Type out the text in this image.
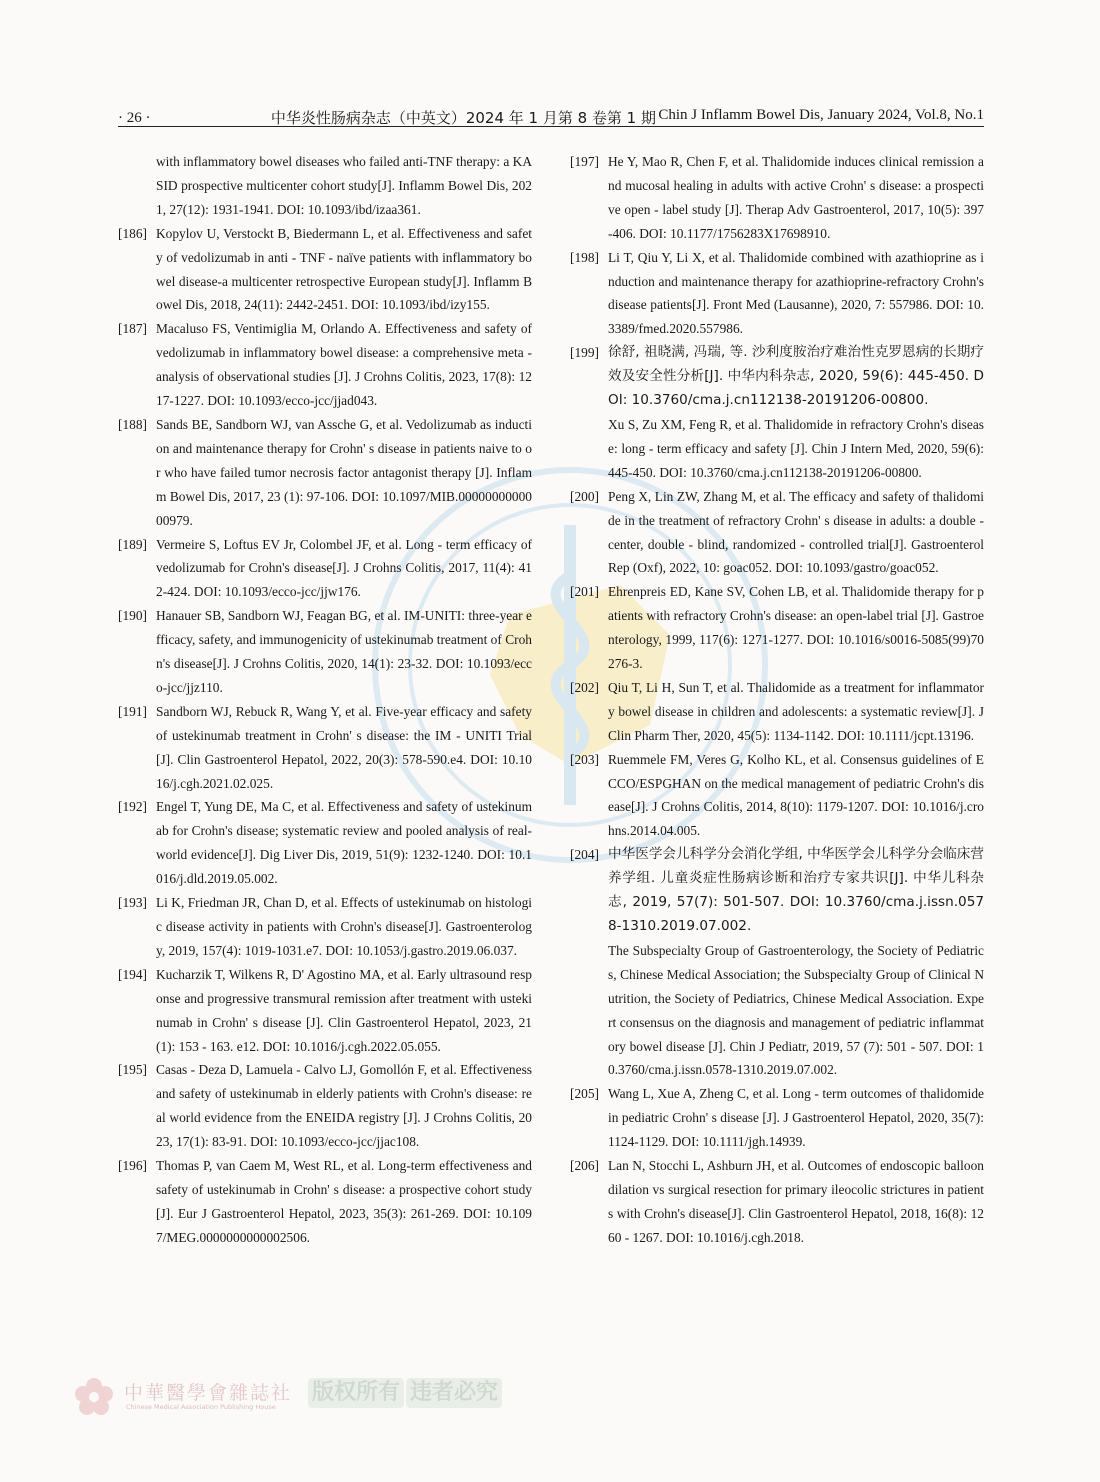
· 26 ·	中华炎性肠病杂志（中英文）2024 年 1 月第 8 卷第 1 期 Chin J Inflamm Bowel Dis, January 2024, Vol.8, No.1
with inflammatory bowel diseases who failed anti-TNF therapy: a KASID prospective multicenter cohort study[J]. Inflamm Bowel Dis, 2021, 27(12): 1931-1941. DOI: 10.1093/ibd/izaa361.
[186] Kopylov U, Verstockt B, Biedermann L, et al. Effectiveness and safety of vedolizumab in anti - TNF - naïve patients with inflammatory bowel disease-a multicenter retrospective European study[J]. Inflamm Bowel Dis, 2018, 24(11): 2442-2451. DOI: 10.1093/ibd/izy155.
[187] Macaluso FS, Ventimiglia M, Orlando A. Effectiveness and safety of vedolizumab in inflammatory bowel disease: a comprehensive meta - analysis of observational studies [J]. J Crohns Colitis, 2023, 17(8): 1217-1227. DOI: 10.1093/ecco-jcc/jjad043.
[188] Sands BE, Sandborn WJ, van Assche G, et al. Vedolizumab as induction and maintenance therapy for Crohn' s disease in patients naive to or who have failed tumor necrosis factor antagonist therapy [J]. Inflamm Bowel Dis, 2017, 23 (1): 97-106. DOI: 10.1097/MIB.0000000000000979.
[189] Vermeire S, Loftus EV Jr, Colombel JF, et al. Long - term efficacy of vedolizumab for Crohn's disease[J]. J Crohns Colitis, 2017, 11(4): 412-424. DOI: 10.1093/ecco-jcc/jjw176.
[190] Hanauer SB, Sandborn WJ, Feagan BG, et al. IM-UNITI: three-year efficacy, safety, and immunogenicity of ustekinumab treatment of Crohn's disease[J]. J Crohns Colitis, 2020, 14(1): 23-32. DOI: 10.1093/ecco-jcc/jjz110.
[191] Sandborn WJ, Rebuck R, Wang Y, et al. Five-year efficacy and safety of ustekinumab treatment in Crohn' s disease: the IM - UNITI Trial[J]. Clin Gastroenterol Hepatol, 2022, 20(3): 578-590.e4. DOI: 10.1016/j.cgh.2021.02.025.
[192] Engel T, Yung DE, Ma C, et al. Effectiveness and safety of ustekinumab for Crohn's disease; systematic review and pooled analysis of real-world evidence[J]. Dig Liver Dis, 2019, 51(9): 1232-1240. DOI: 10.1016/j.dld.2019.05.002.
[193] Li K, Friedman JR, Chan D, et al. Effects of ustekinumab on histologic disease activity in patients with Crohn's disease[J]. Gastroenterology, 2019, 157(4): 1019-1031.e7. DOI: 10.1053/j.gastro.2019.06.037.
[194] Kucharzik T, Wilkens R, D' Agostino MA, et al. Early ultrasound response and progressive transmural remission after treatment with ustekinumab in Crohn' s disease [J]. Clin Gastroenterol Hepatol, 2023, 21 (1): 153 - 163. e12. DOI: 10.1016/j.cgh.2022.05.055.
[195] Casas - Deza D, Lamuela - Calvo LJ, Gomollón F, et al. Effectiveness and safety of ustekinumab in elderly patients with Crohn's disease: real world evidence from the ENEIDA registry [J]. J Crohns Colitis, 2023, 17(1): 83-91. DOI: 10.1093/ecco-jcc/jjac108.
[196] Thomas P, van Caem M, West RL, et al. Long-term effectiveness and safety of ustekinumab in Crohn' s disease: a prospective cohort study[J]. Eur J Gastroenterol Hepatol, 2023, 35(3): 261-269. DOI: 10.1097/MEG.0000000000002506.
[197] He Y, Mao R, Chen F, et al. Thalidomide induces clinical remission and mucosal healing in adults with active Crohn' s disease: a prospective open - label study [J]. Therap Adv Gastroenterol, 2017, 10(5): 397-406. DOI: 10.1177/1756283X17698910.
[198] Li T, Qiu Y, Li X, et al. Thalidomide combined with azathioprine as induction and maintenance therapy for azathioprine-refractory Crohn's disease patients[J]. Front Med (Lausanne), 2020, 7: 557986. DOI: 10.3389/fmed.2020.557986.
[199] 徐舒, 祖晓满, 冯瑞, 等. 沙利度胺治疗难治性克罗恩病的长期疗效及安全性分析[J]. 中华内科杂志, 2020, 59(6): 445-450. DOI: 10.3760/cma.j.cn112138-20191206-00800.
Xu S, Zu XM, Feng R, et al. Thalidomide in refractory Crohn's disease: long - term efficacy and safety [J]. Chin J Intern Med, 2020, 59(6): 445-450. DOI: 10.3760/cma.j.cn112138-20191206-00800.
[200] Peng X, Lin ZW, Zhang M, et al. The efficacy and safety of thalidomide in the treatment of refractory Crohn' s disease in adults: a double - center, double - blind, randomized - controlled trial[J]. Gastroenterol Rep (Oxf), 2022, 10: goac052. DOI: 10.1093/gastro/goac052.
[201] Ehrenpreis ED, Kane SV, Cohen LB, et al. Thalidomide therapy for patients with refractory Crohn's disease: an open-label trial [J]. Gastroenterology, 1999, 117(6): 1271-1277. DOI: 10.1016/s0016-5085(99)70276-3.
[202] Qiu T, Li H, Sun T, et al. Thalidomide as a treatment for inflammatory bowel disease in children and adolescents: a systematic review[J]. J Clin Pharm Ther, 2020, 45(5): 1134-1142. DOI: 10.1111/jcpt.13196.
[203] Ruemmele FM, Veres G, Kolho KL, et al. Consensus guidelines of ECCO/ESPGHAN on the medical management of pediatric Crohn's disease[J]. J Crohns Colitis, 2014, 8(10): 1179-1207. DOI: 10.1016/j.crohns.2014.04.005.
[204] 中华医学会儿科学分会消化学组, 中华医学会儿科学分会临床营养学组. 儿童炎症性肠病诊断和治疗专家共识[J]. 中华儿科杂志, 2019, 57(7): 501-507. DOI: 10.3760/cma.j.issn.0578-1310.2019.07.002.
The Subspecialty Group of Gastroenterology, the Society of Pediatrics, Chinese Medical Association; the Subspecialty Group of Clinical Nutrition, the Society of Pediatrics, Chinese Medical Association. Expert consensus on the diagnosis and management of pediatric inflammatory bowel disease [J]. Chin J Pediatr, 2019, 57 (7): 501 - 507. DOI: 10.3760/cma.j.issn.0578-1310.2019.07.002.
[205] Wang L, Xue A, Zheng C, et al. Long - term outcomes of thalidomide in pediatric Crohn' s disease [J]. J Gastroenterol Hepatol, 2020, 35(7): 1124-1129. DOI: 10.1111/jgh.14939.
[206] Lan N, Stocchi L, Ashburn JH, et al. Outcomes of endoscopic balloon dilation vs surgical resection for primary ileocolic strictures in patients with Crohn's disease[J]. Clin Gastroenterol Hepatol, 2018, 16(8): 1260 - 1267. DOI: 10.1016/j.cgh.2018.
中華醫學會雜誌社
Chinese Medical Association Publishing House
版权所有 违者必究
